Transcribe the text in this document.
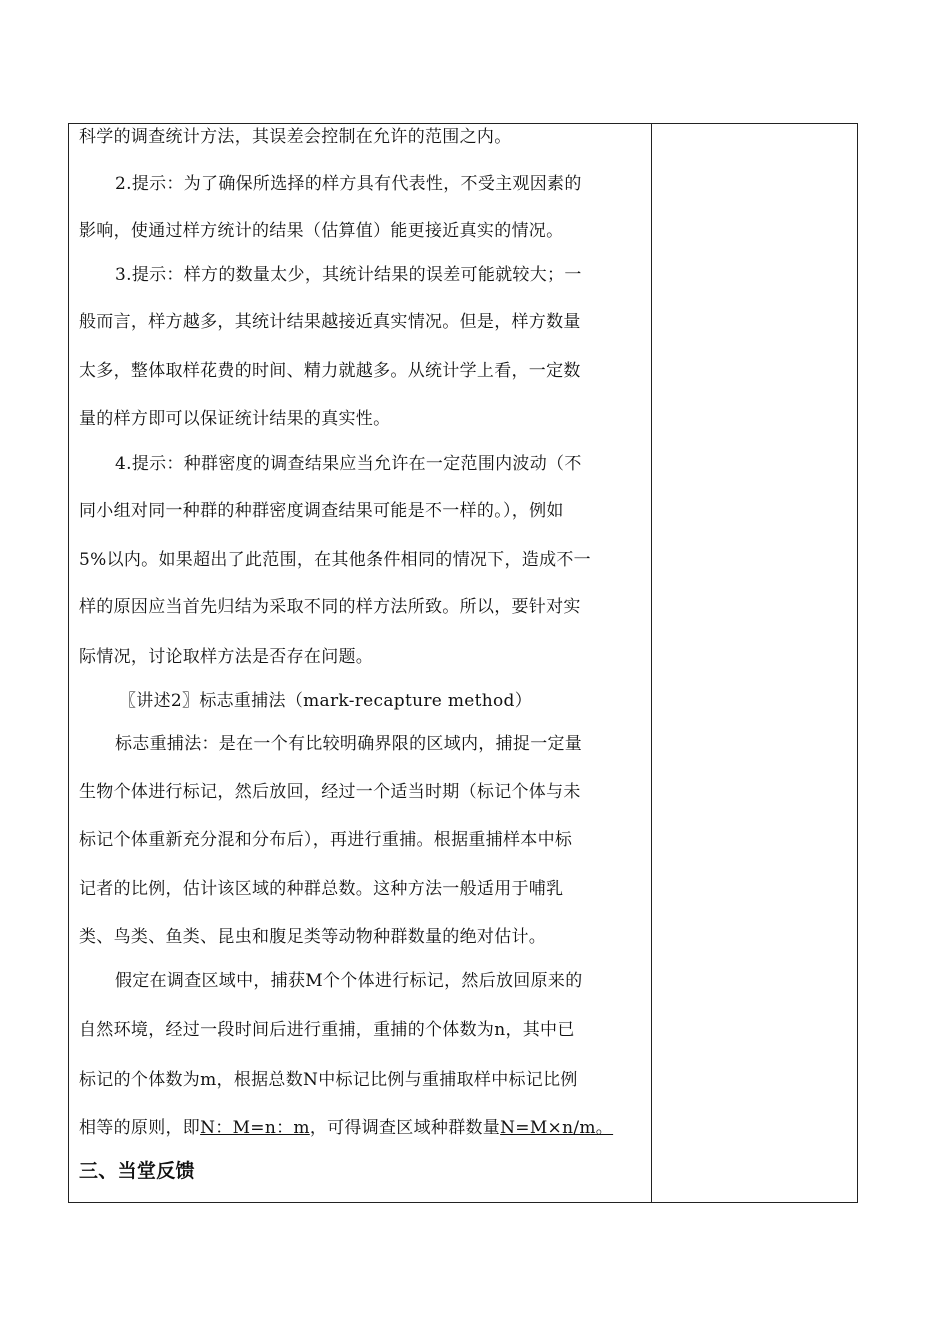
科学的调查统计方法，其误差会控制在允许的范围之内。
2.提示：为了确保所选择的样方具有代表性，不受主观因素的
影响，使通过样方统计的结果（估算值）能更接近真实的情况。
3.提示：样方的数量太少，其统计结果的误差可能就较大；一
般而言，样方越多，其统计结果越接近真实情况。但是，样方数量
太多，整体取样花费的时间、精力就越多。从统计学上看，一定数
量的样方即可以保证统计结果的真实性。
4.提示：种群密度的调查结果应当允许在一定范围内波动（不
同小组对同一种群的种群密度调查结果可能是不一样的。），例如
5%以内。如果超出了此范围，在其他条件相同的情况下，造成不一
样的原因应当首先归结为采取不同的样方法所致。所以，要针对实
际情况，讨论取样方法是否存在问题。
〖讲述2〗标志重捕法（mark-recapture method）
标志重捕法：是在一个有比较明确界限的区域内，捕捉一定量
生物个体进行标记，然后放回，经过一个适当时期（标记个体与未
标记个体重新充分混和分布后），再进行重捕。根据重捕样本中标
记者的比例，估计该区域的种群总数。这种方法一般适用于哺乳
类、鸟类、鱼类、昆虫和腹足类等动物种群数量的绝对估计。
假定在调查区域中，捕获M个个体进行标记，然后放回原来的
自然环境，经过一段时间后进行重捕，重捕的个体数为n，其中已
标记的个体数为m，根据总数N中标记比例与重捕取样中标记比例
相等的原则，即N：M=n：m，可得调查区域种群数量N=M×n/m。
三、当堂反馈
